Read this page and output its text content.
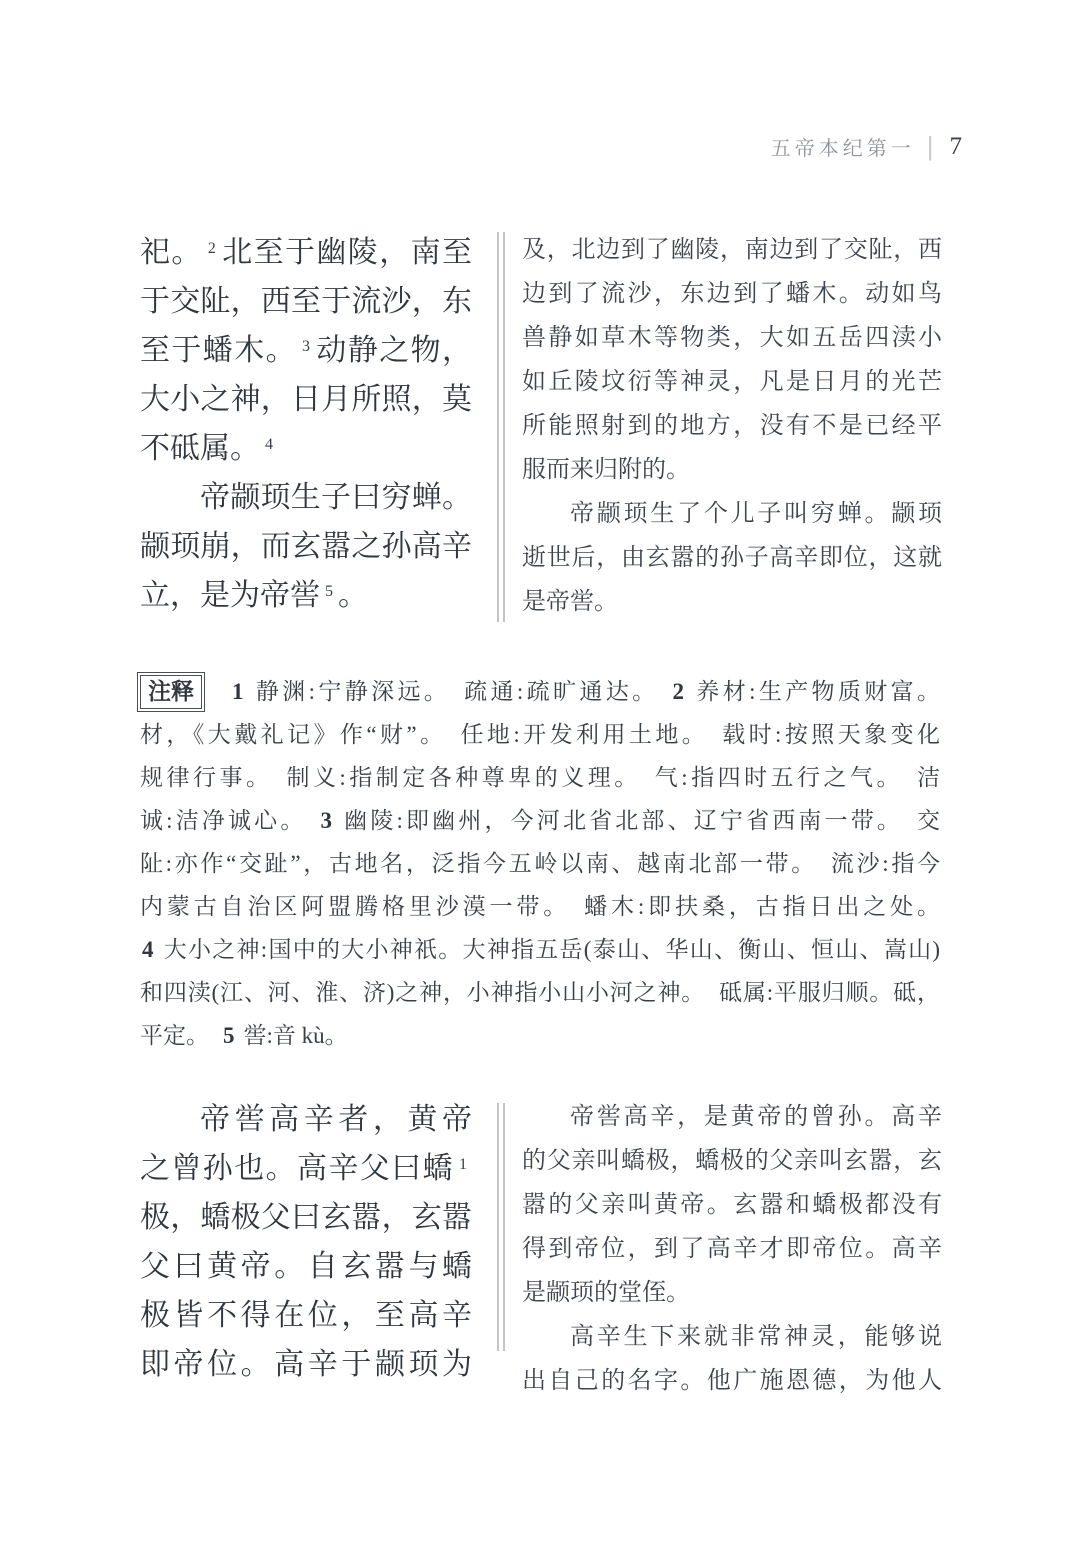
五帝本纪第一 | 7

祀。 $^2$ 北至于幽陵，南至

于交阯，西至于流沙，东

至于蟠木。 $^3$ 动静之物，

大小之神，日月所照，莫

不砥属。 $^4$

帝颛顼生子曰穷蝉。

颛顼崩，而玄嚣之孙高辛

立，是为帝喾 $^5$ 。

及，北边到了幽陵，南边到了交阯，西

边到了流沙，东边到了蟠木。动如鸟

兽静如草木等物类，大如五岳四渎小

如丘陵坟衍等神灵，凡是日月的光芒

所能照射到的地方，没有不是已经平

服而来归附的。

帝颛顼生了个儿子叫穷蝉。颛顼

逝世后，由玄嚣的孙子高辛即位，这就

是帝喾。

注释 1 静渊:宁静深远。 疏通:疏旷通达。 2 养材:生产物质财富。

材，《大戴礼记》作“财”。 任地:开发利用土地。 载时:按照天象变化

规律行事。 制义:指制定各种尊卑的义理。 气:指四时五行之气。 洁

诚:洁净诚心。 3 幽陵:即幽州，今河北省北部、辽宁省西南一带。 交

阯:亦作“交趾”，古地名，泛指今五岭以南、越南北部一带。 流沙:指今

内蒙古自治区阿盟腾格里沙漠一带。 蟠木:即扶桑，古指日出之处。

4 大小之神:国中的大小神祇。大神指五岳(泰山、华山、衡山、恒山、嵩山)

和四渎(江、河、淮、济)之神，小神指小山小河之神。 砥属:平服归顺。砥，

平定。 5 喾:音 kù。

帝喾高辛者，黄帝

之曾孙也。高辛父曰蟜 $^1$

极，蟜极父曰玄嚣，玄嚣

父曰黄帝。自玄嚣与蟜

极皆不得在位，至高辛

即帝位。高辛于颛顼为

帝喾高辛，是黄帝的曾孙。高辛

的父亲叫蟜极，蟜极的父亲叫玄嚣，玄

嚣的父亲叫黄帝。玄嚣和蟜极都没有

得到帝位，到了高辛才即帝位。高辛

是颛顼的堂侄。

高辛生下来就非常神灵，能够说

出自己的名字。他广施恩德，为他人
